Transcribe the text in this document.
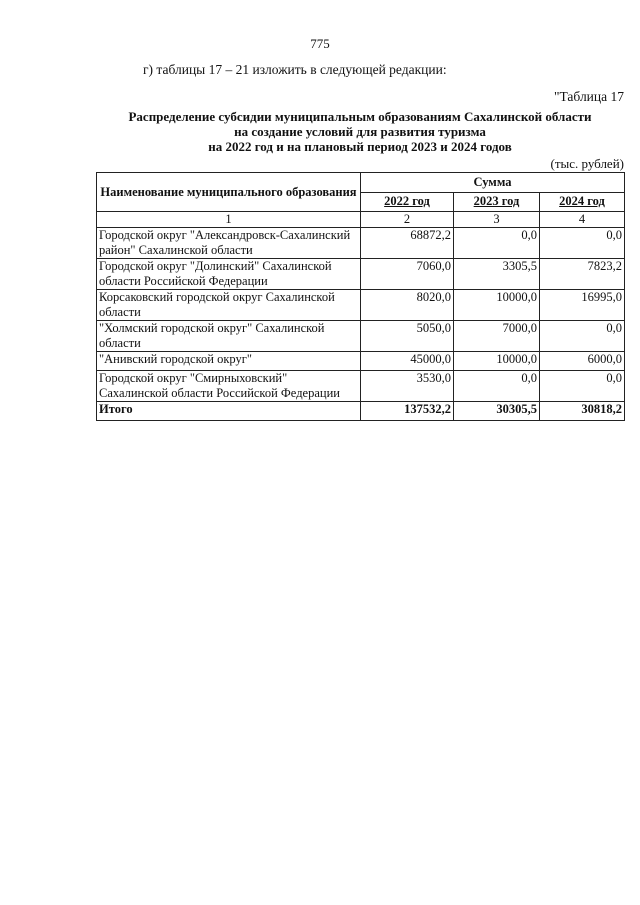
775
г) таблицы 17 – 21 изложить в следующей редакции:
"Таблица 17
Распределение субсидии муниципальным образованиям Сахалинской области
на создание условий для развития туризма
на 2022 год и на плановый период 2023 и 2024 годов
(тыс. рублей)
Наименование муниципального образования	Сумма		
	2022 год	2023 год	2024 год
1	2	3	4
Городской округ "Александровск-Сахалинский район" Сахалинской области	68872,2	0,0	0,0
Городской округ "Долинский" Сахалинской области Российской Федерации	7060,0	3305,5	7823,2
Корсаковский городской округ Сахалинской области	8020,0	10000,0	16995,0
"Холмский городской округ" Сахалинской области	5050,0	7000,0	0,0
"Анивский городской округ"	45000,0	10000,0	6000,0
Городской округ "Смирныховский" Сахалинской области Российской Федерации	3530,0	0,0	0,0
Итого	137532,2	30305,5	30818,2
